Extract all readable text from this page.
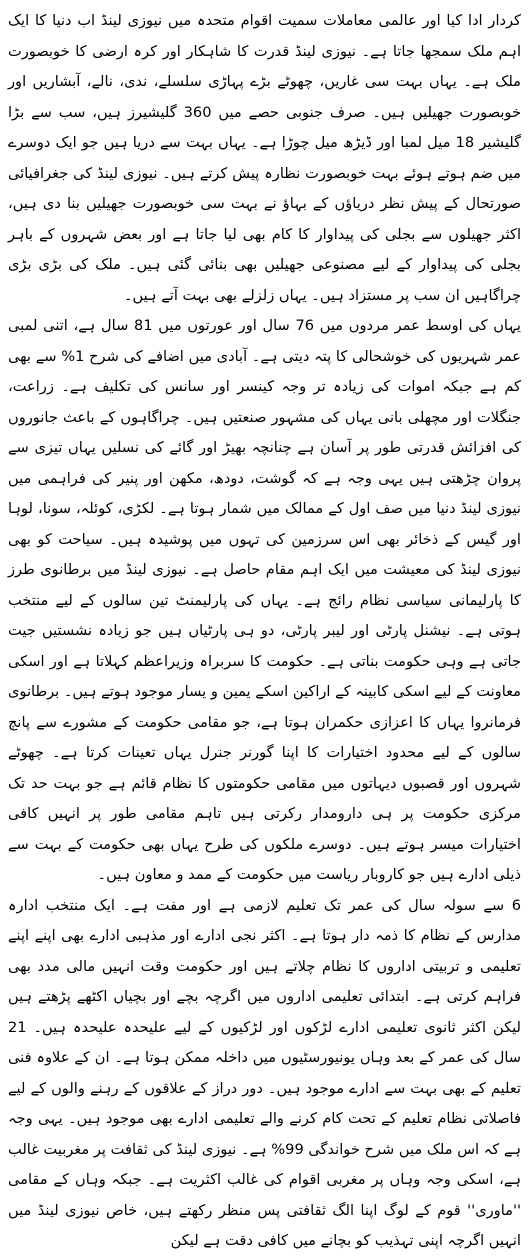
کردار ادا کیا اور عالمی معاملات سمیت اقوام متحدہ میں نیوزی لینڈ اب دنیا کا ایک اہم ملک سمجھا جاتا ہے۔ نیوزی لینڈ قدرت کا شاہکار اور کرہ ارضی کا خوبصورت ملک ہے۔ یہاں بہت سی غاریں، چھوٹے بڑے پہاڑی سلسلے، ندی، نالے، آبشاریں اور خوبصورت جھیلیں ہیں۔ صرف جنوبی حصے میں 360 گلیشیرز ہیں، سب سے بڑا گلیشیر 18 میل لمبا اور ڈیڑھ میل چوڑا ہے۔ یہاں بہت سے دریا ہیں جو ایک دوسرے میں ضم ہوتے ہوئے بہت خوبصورت نظارہ پیش کرتے ہیں۔ نیوزی لینڈ کی جغرافیائی صورتحال کے پیش نظر دریاؤں کے بہاؤ نے بہت سی خوبصورت جھیلیں بنا دی ہیں، اکثر جھیلوں سے بجلی کی پیداوار کا کام بھی لیا جاتا ہے اور بعض شہروں کے باہر بجلی کی پیداوار کے لیے مصنوعی جھیلیں بھی بنائی گئی ہیں۔ ملک کی بڑی بڑی چراگاہیں ان سب پر مستزاد ہیں۔ یہاں زلزلے بھی بہت آتے ہیں۔

یہاں کی اوسط عمر مردوں میں 76 سال اور عورتوں میں 81 سال ہے، اتنی لمبی عمر شہریوں کی خوشحالی کا پتہ دیتی ہے۔ آبادی میں اضافے کی شرح 1% سے بھی کم ہے جبکہ اموات کی زیادہ تر وجہ کینسر اور سانس کی تکلیف ہے۔ زراعت، جنگلات اور مچھلی بانی یہاں کی مشہور صنعتیں ہیں۔ چراگاہوں کے باعث جانوروں کی افزائش قدرتی طور پر آسان ہے چنانچہ بھیڑ اور گائے کی نسلیں یہاں تیزی سے پروان چڑھتی ہیں یہی وجہ ہے کہ گوشت، دودھ، مکھن اور پنیر کی فراہمی میں نیوزی لینڈ دنیا میں صف اول کے ممالک میں شمار ہوتا ہے۔ لکڑی، کوئلہ، سونا، لوہا اور گیس کے ذخائر بھی اس سرزمین کی تہوں میں پوشیدہ ہیں۔ سیاحت کو بھی نیوزی لینڈ کی معیشت میں ایک اہم مقام حاصل ہے۔ نیوزی لینڈ میں برطانوی طرز کا پارلیمانی سیاسی نظام رائج ہے۔ یہاں کی پارلیمنٹ تین سالوں کے لیے منتخب ہوتی ہے۔ نیشنل پارٹی اور لیبر پارٹی، دو ہی پارٹیاں ہیں جو زیادہ نشستیں جیت جاتی ہے وہی حکومت بناتی ہے۔ حکومت کا سربراہ وزیراعظم کہلاتا ہے اور اسکی معاونت کے لیے اسکی کابینہ کے اراکین اسکے یمین و یسار موجود ہوتے ہیں۔ برطانوی فرمانروا یہاں کا اعزازی حکمران ہوتا ہے، جو مقامی حکومت کے مشورے سے پانچ سالوں کے لیے محدود اختیارات کا اپنا گورنر جنرل یہاں تعینات کرتا ہے۔ چھوٹے شہروں اور قصبوں دیہاتوں میں مقامی حکومتوں کا نظام قائم ہے جو بہت حد تک مرکزی حکومت پر ہی دارومدار رکرتی ہیں تاہم مقامی طور پر انہیں کافی اختیارات میسر ہوتے ہیں۔ دوسرے ملکوں کی طرح یہاں بھی حکومت کے بہت سے ذیلی ادارے ہیں جو کاروبار ریاست میں حکومت کے ممد و معاون ہیں۔

6 سے سولہ سال کی عمر تک تعلیم لازمی ہے اور مفت ہے۔ ایک منتخب ادارہ مدارس کے نظام کا ذمہ دار ہوتا ہے۔ اکثر نجی ادارے اور مذہبی ادارے بھی اپنے اپنے تعلیمی و تربیتی اداروں کا نظام چلاتے ہیں اور حکومت وقت انہیں مالی مدد بھی فراہم کرتی ہے۔ ابتدائی تعلیمی اداروں میں اگرچہ بچے اور بچیاں اکٹھے پڑھتے ہیں لیکن اکثر ثانوی تعلیمی ادارے لڑکوں اور لڑکیوں کے لیے علیحدہ علیحدہ ہیں۔ 21 سال کی عمر کے بعد وہاں یونیورسٹیوں میں داخلہ ممکن ہوتا ہے۔ ان کے علاوہ فنی تعلیم کے بھی بہت سے ادارے موجود ہیں۔ دور دراز کے علاقوں کے رہنے والوں کے لیے فاصلاتی نظام تعلیم کے تحت کام کرنے والے تعلیمی ادارے بھی موجود ہیں۔ یہی وجہ ہے کہ اس ملک میں شرح خواندگی 99% ہے۔ نیوزی لینڈ کی ثقافت پر مغربیت غالب ہے، اسکی وجہ وہاں پر مغربی اقوام کی غالب اکثریت ہے۔ جبکہ وہاں کے مقامی ''ماوری'' قوم کے لوگ اپنا الگ ثقافتی پس منظر رکھتے ہیں، خاص نیوزی لینڈ میں انہیں اگرچہ اپنی تہذیب کو بچانے میں کافی دقت ہے لیکن
